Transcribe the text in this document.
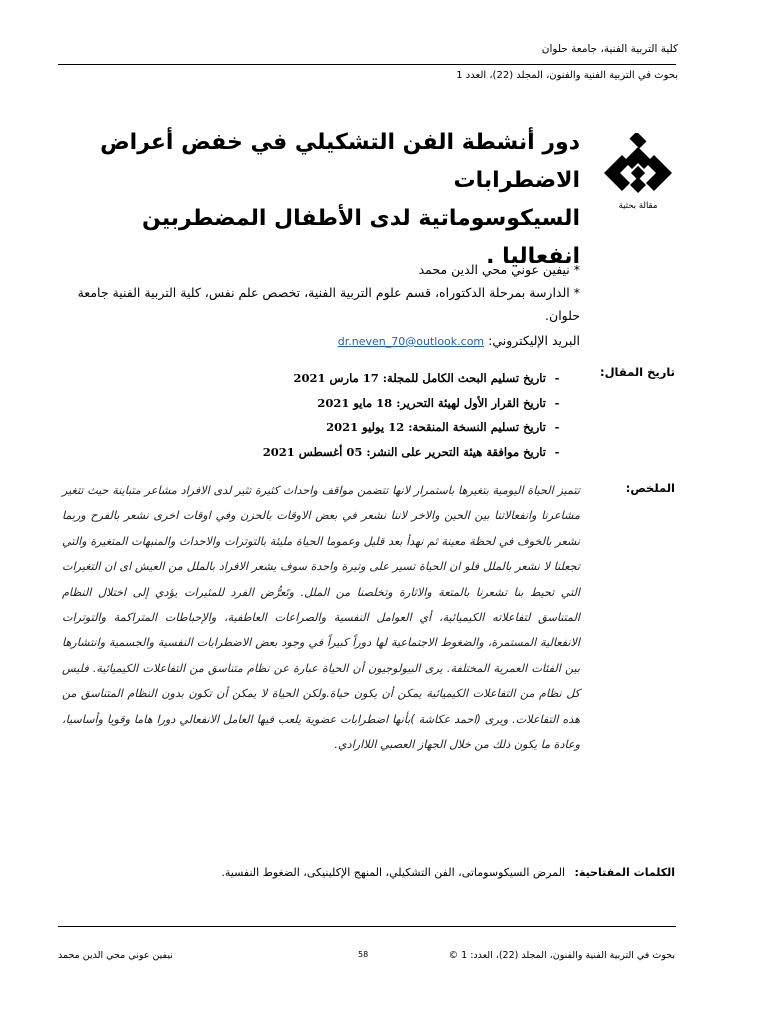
كلية التربية الفنية، جامعة حلوان
بحوث في التربية الفنية والفنون، المجلد (22)، العدد 1
مقالة بحثية
دور أنشطة الفن التشكيلي في خفض أعراض الاضطرابات
السيكوسوماتية لدى الأطفال المضطربين انفعاليا .
* نيفين عوني محي الدين محمد
* الدارسة بمرحلة الدكتوراه، قسم علوم التربية الفنية، تخصص علم نفس، كلية التربية الفنية جامعة حلوان.
البريد الإليكتروني: dr.neven_70@outlook.com
تاريخ المقال:
-تاريخ تسليم البحث الكامل للمجلة: 17 مارس 2021
-تاريخ القرار الأول لهيئة التحرير: 18 مايو 2021
-تاريخ تسليم النسخة المنقحة: 12 يوليو 2021
-تاريخ موافقة هيئة التحرير على النشر: 05 أغسطس 2021
الملخص:

تتميز الحياة اليومية بتغيرها باستمرار لانها تتضمن مواقف واحداث كثيرة تثير لدى الافراد مشاعر متباينة حيث تتغير مشاعرنا وانفعالاتنا بين الحين والاخر لاننا نشعر في بعض الاوقات بالحزن وفي اوقات اخرى نشعر بالفرح وربما نشعر بالخوف في لحظة معينة ثم نهدأ بعد قليل وعموما الحياة مليئة بالتوترات والاحداث والمنبهات المتغيرة والتي تجعلنا لا نشعر بالملل فلو ان الحياة تسير على وتيرة واحدة سوف يشعر الافراد بالملل من العيش اى ان التغيرات التي تحيط بنا تشعرنا بالمتعة والاثارة وتخلصنا من الملل. وتَعرُّض الفرد للمثيرات يؤدي إلى اختلال النظام المتناسق لتفاعلاته الكيميائية، أي العوامل النفسية والصراعات العاطفية، والإحباطات المتراكمة والتوترات الانفعالية المستمرة، والضغوط الاجتماعية لها دوراً كبيراً في وجود بعض الاضطرابات النفسية والجسمية وانتشارها بين الفئات العمرية المختلفة. يرى البيولوجيون أن الحياة عبارة عن نظام متناسق من التفاعلات الكيميائية. فليس كل نظام من التفاعلات الكيميائية يمكن أن يكون حياة.ولكن الحياة لا يمكن أن تكون بدون النظام المتناسق من هذه التفاعلات. ويرى (احمد عكاشة )بأنها اضطرابات عضوية يلعب فيها العامل الانفعالي دورا هاما وقويا وأساسيا، وعادة ما يكون ذلك من خلال الجهاز العصبي اللاارادي.

الكلمات المفتاحية: المرض السيكوسوماتى، الفن التشكيلي، المنهج الإكلينيكى، الضغوط النفسية.
بحوث في التربية الفنية والفنون، المجلد (22)، العدد: 1 ©
58
نيفين عوني محي الدين محمد
